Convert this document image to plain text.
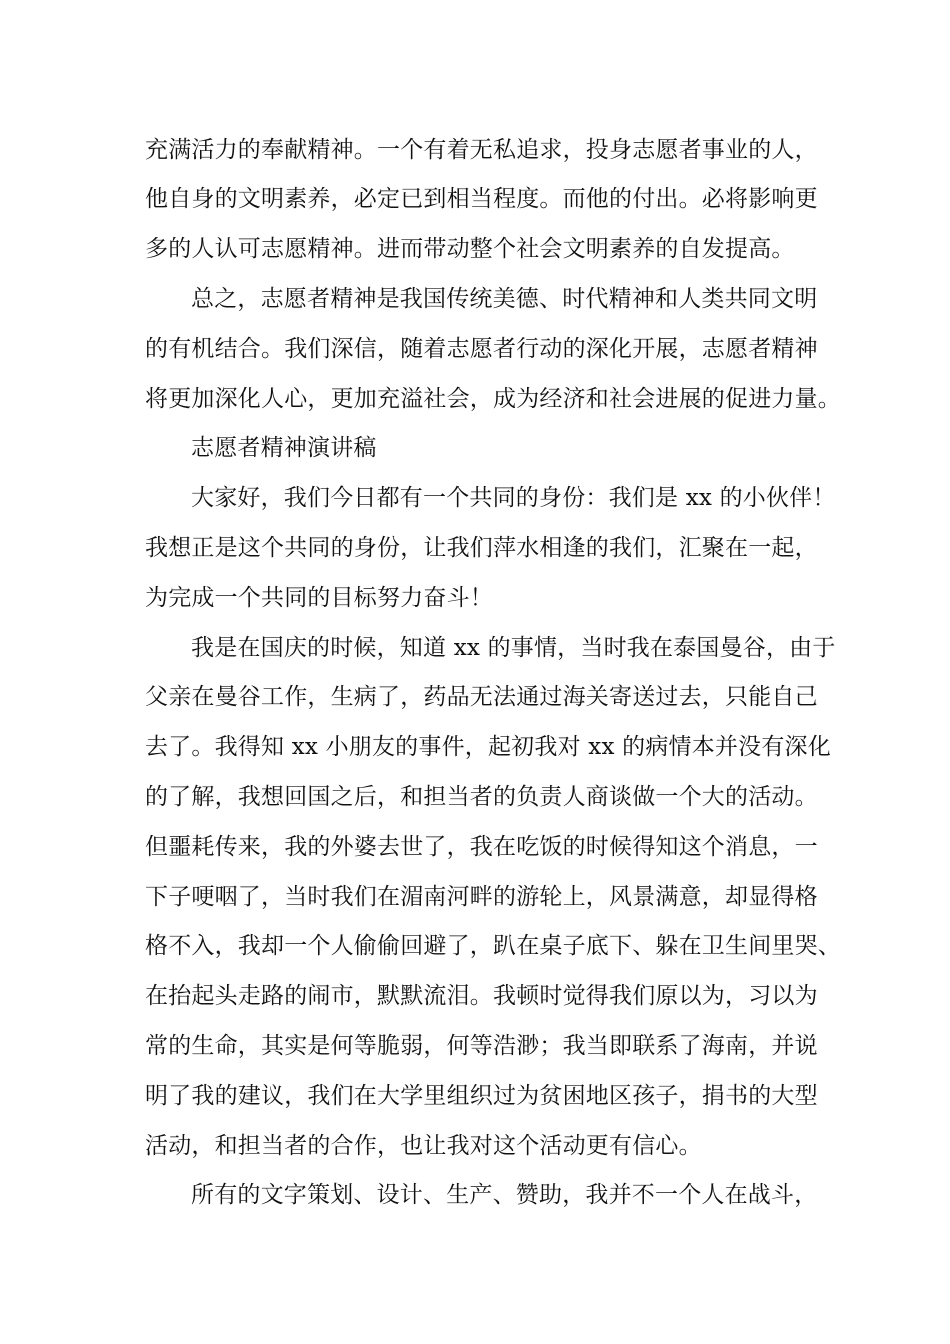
充满活力的奉献精神。一个有着无私追求，投身志愿者事业的人，
他自身的文明素养，必定已到相当程度。而他的付出。必将影响更
多的人认可志愿精神。进而带动整个社会文明素养的自发提高。
总之，志愿者精神是我国传统美德、时代精神和人类共同文明
的有机结合。我们深信，随着志愿者行动的深化开展，志愿者精神
将更加深化人心，更加充溢社会，成为经济和社会进展的促进力量。
志愿者精神演讲稿
大家好，我们今日都有一个共同的身份：我们是 xx 的小伙伴！
我想正是这个共同的身份，让我们萍水相逢的我们，汇聚在一起，
为完成一个共同的目标努力奋斗！
我是在国庆的时候，知道 xx 的事情，当时我在泰国曼谷，由于
父亲在曼谷工作，生病了，药品无法通过海关寄送过去，只能自己
去了。我得知 xx 小朋友的事件，起初我对 xx 的病情本并没有深化
的了解，我想回国之后，和担当者的负责人商谈做一个大的活动。
但噩耗传来，我的外婆去世了，我在吃饭的时候得知这个消息，一
下子哽咽了，当时我们在湄南河畔的游轮上，风景满意，却显得格
格不入，我却一个人偷偷回避了，趴在桌子底下、躲在卫生间里哭、
在抬起头走路的闹市，默默流泪。我顿时觉得我们原以为，习以为
常的生命，其实是何等脆弱，何等浩渺；我当即联系了海南，并说
明了我的建议，我们在大学里组织过为贫困地区孩子，捐书的大型
活动，和担当者的合作，也让我对这个活动更有信心。
所有的文字策划、设计、生产、赞助，我并不一个人在战斗，
